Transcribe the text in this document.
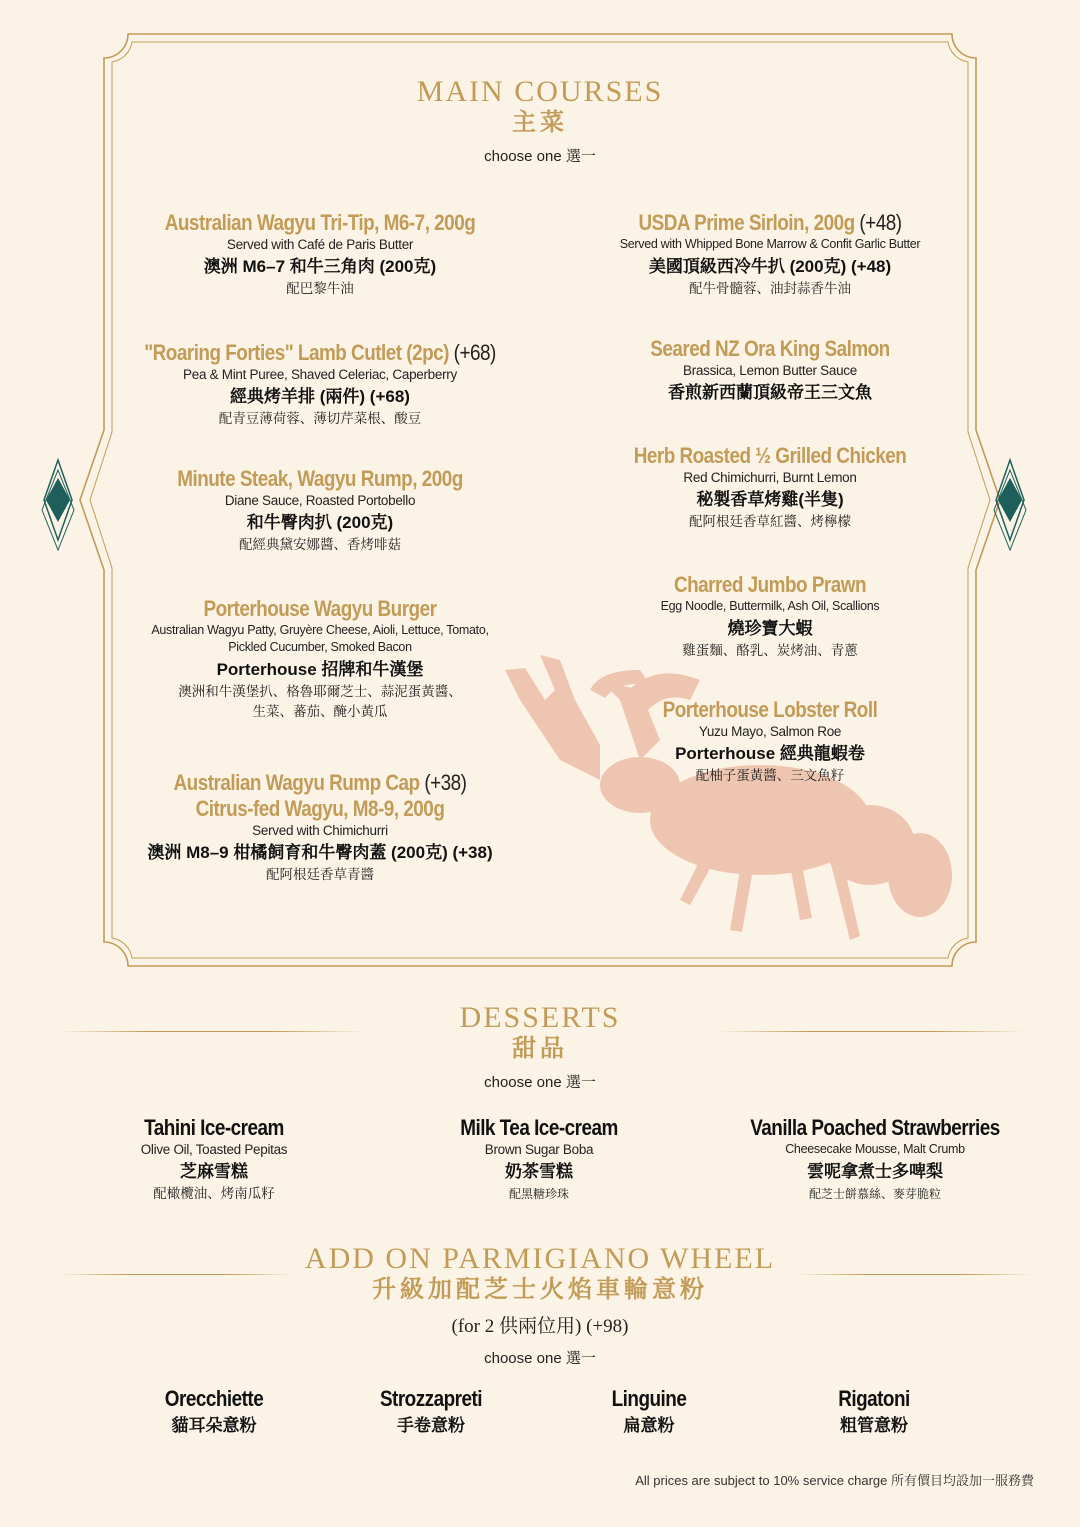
MAIN COURSES
主菜
choose one 選一
Australian Wagyu Tri-Tip, M6-7, 200g
Served with Café de Paris Butter
澳洲 M6–7 和牛三角肉 (200克)
配巴黎牛油
"Roaring Forties" Lamb Cutlet (2pc) (+68)
Pea & Mint Puree, Shaved Celeriac, Caperberry
經典烤羊排 (兩件) (+68)
配青豆薄荷蓉、薄切芹菜根、酸豆
Minute Steak, Wagyu Rump, 200g
Diane Sauce, Roasted Portobello
和牛臀肉扒 (200克)
配經典黛安娜醬、香烤啡菇
Porterhouse Wagyu Burger
Australian Wagyu Patty, Gruyère Cheese, Aioli, Lettuce, Tomato,
Pickled Cucumber, Smoked Bacon
Porterhouse 招牌和牛漢堡
澳洲和牛漢堡扒、格魯耶爾芝士、蒜泥蛋黃醬、
生菜、蕃茄、醃小黃瓜
Australian Wagyu Rump Cap (+38)
Citrus-fed Wagyu, M8-9, 200g
Served with Chimichurri
澳洲 M8–9 柑橘飼育和牛臀肉蓋 (200克) (+38)
配阿根廷香草青醬
USDA Prime Sirloin, 200g (+48)
Served with Whipped Bone Marrow & Confit Garlic Butter
美國頂級西冷牛扒 (200克) (+48)
配牛骨髓蓉、油封蒜香牛油
Seared NZ Ora King Salmon
Brassica, Lemon Butter Sauce
香煎新西蘭頂級帝王三文魚
Herb Roasted ½ Grilled Chicken
Red Chimichurri, Burnt Lemon
秘製香草烤雞(半隻)
配阿根廷香草紅醬、烤檸檬
Charred Jumbo Prawn
Egg Noodle, Buttermilk, Ash Oil, Scallions
燒珍寶大蝦
雞蛋麵、酪乳、炭烤油、青蔥
Porterhouse Lobster Roll
Yuzu Mayo, Salmon Roe
Porterhouse 經典龍蝦卷
配柚子蛋黃醬、三文魚籽
DESSERTS
甜品
choose one 選一
Tahini Ice-cream
Olive Oil, Toasted Pepitas
芝麻雪糕
配橄欖油、烤南瓜籽
Milk Tea Ice-cream
Brown Sugar Boba
奶茶雪糕
配黑糖珍珠
Vanilla Poached Strawberries
Cheesecake Mousse, Malt Crumb
雲呢拿煮士多啤梨
配芝士餅慕絲、麥芽脆粒
ADD ON PARMIGIANO WHEEL
升級加配芝士火焰車輪意粉
(for 2 供兩位用) (+98)
choose one 選一
Orecchiette
貓耳朵意粉
Strozzapreti
手卷意粉
Linguine
扁意粉
Rigatoni
粗管意粉
All prices are subject to 10% service charge 所有價目均設加一服務費
